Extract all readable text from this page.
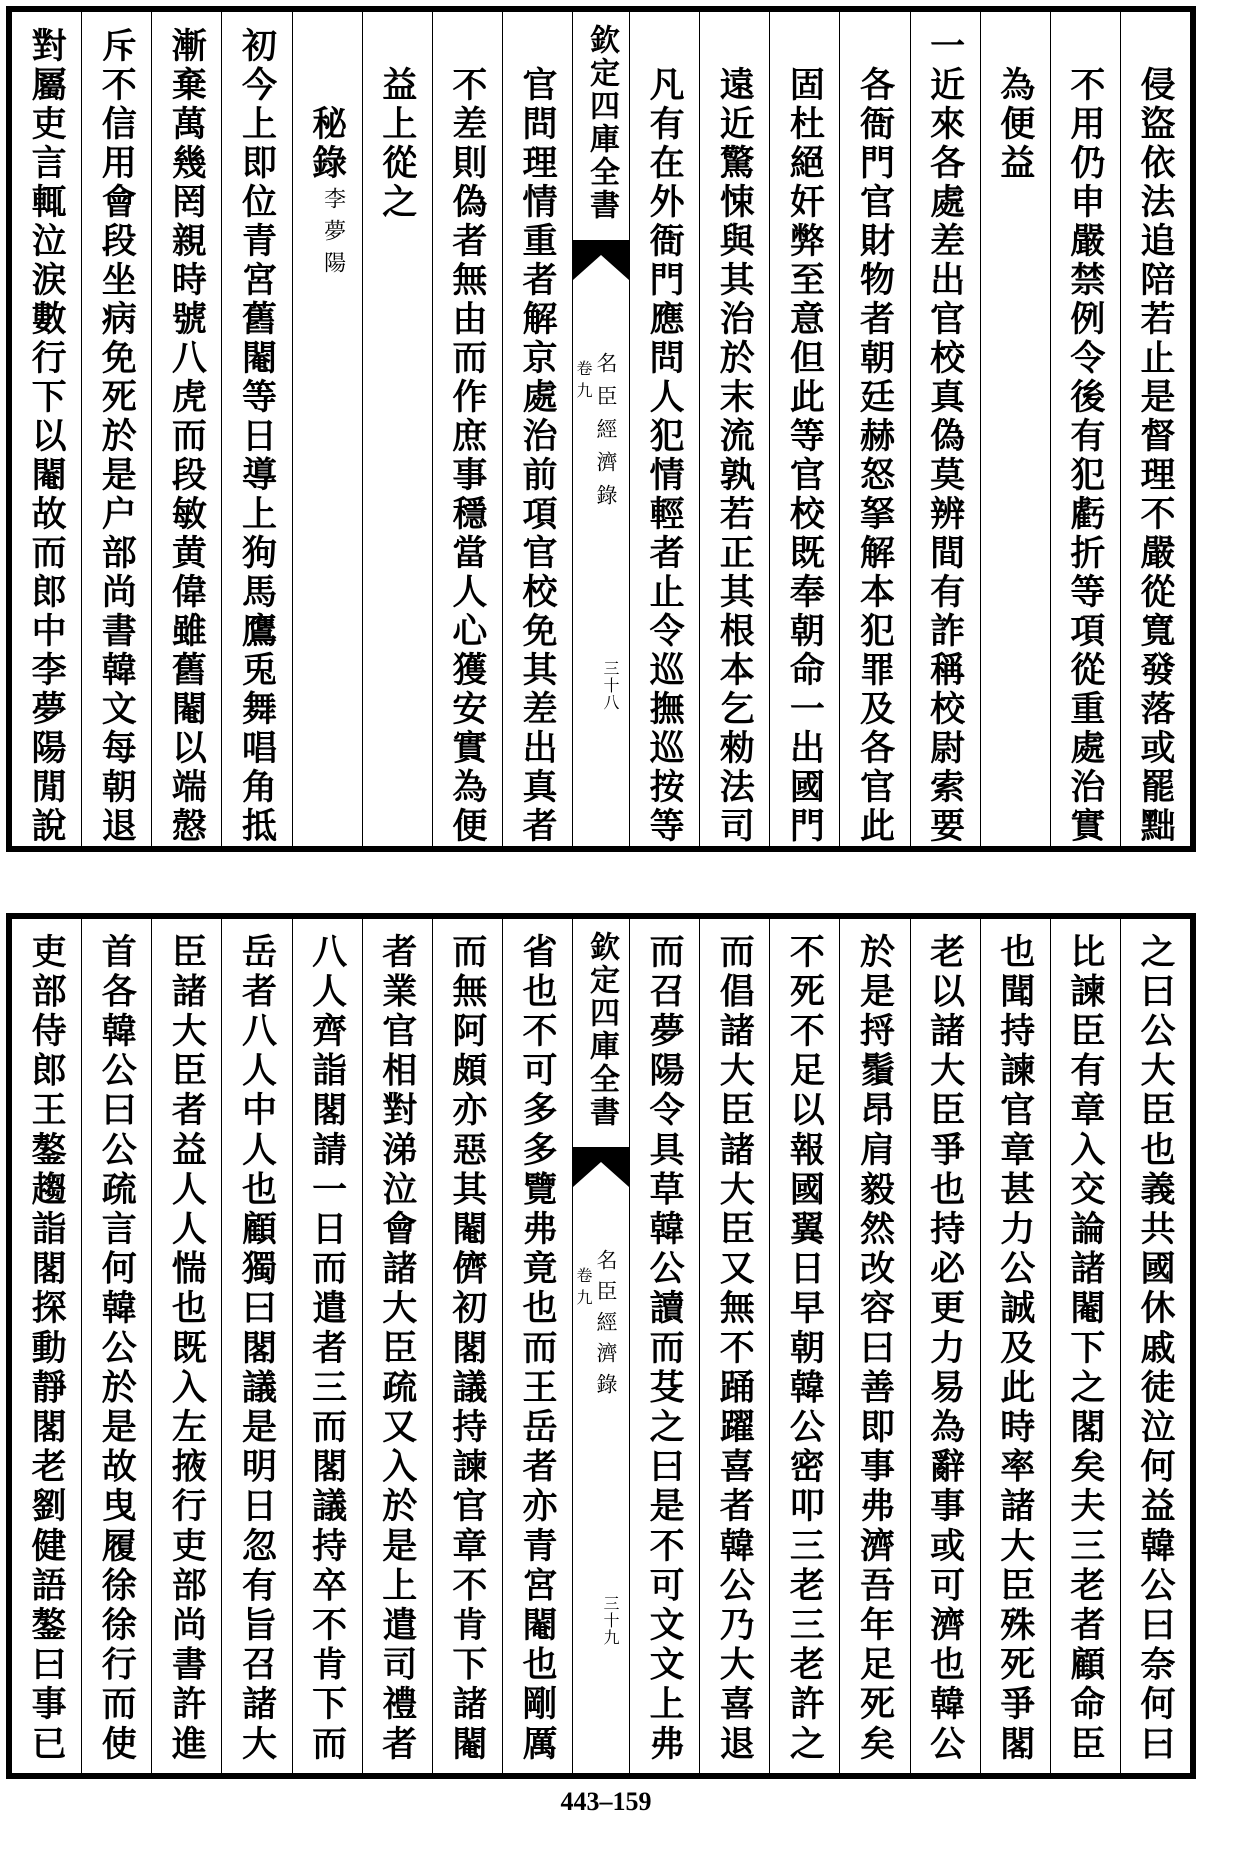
侵盜依法追陪若止是督理不嚴從寬發落或罷黜
不用仍申嚴禁例令後有犯虧折等項從重處治實
為便益
一近來各處差出官校真偽莫辨間有詐稱校尉索要
各衙門官財物者朝廷赫怒拏解本犯罪及各官此
固杜絕奸弊至意但此等官校既奉朝命一出國門
遠近驚悚與其治於末流孰若正其根本乞勑法司
凡有在外衙門應問人犯情輕者止令巡撫巡按等
欽定四庫全書
名臣經濟錄
卷九
三十八
官問理情重者解京處治前項官校免其差出真者
不差則偽者無由而作庶事穩當人心獲安實為便
益上從之
秘錄
李夢陽
初今上即位青宮舊閹等日導上狗馬鷹兎舞唱角抵
漸棄萬幾罔親時號八虎而段敏黄偉雖舊閹以端慤
斥不信用會段坐病免死於是户部尚書韓文每朝退
對屬吏言輒泣涙數行下以閹故而郎中李夢陽閒說
之曰公大臣也義共國休戚徒泣何益韓公曰奈何曰
比諫臣有章入交論諸閹下之閣矣夫三老者顧命臣
也聞持諫官章甚力公誠及此時率諸大臣殊死爭閣
老以諸大臣爭也持必更力易為辭事或可濟也韓公
於是捋鬚昂肩毅然改容曰善即事弗濟吾年足死矣
不死不足以報國翼日早朝韓公密叩三老三老許之
而倡諸大臣諸大臣又無不踊躍喜者韓公乃大喜退
而召夢陽令具草韓公讀而芟之曰是不可文文上弗
欽定四庫全書
名臣經濟錄
卷九
三十九
省也不可多多覽弗竟也而王岳者亦青宮閹也剛厲
而無阿頗亦惡其閹儕初閣議持諫官章不肯下諸閹
者業官相對涕泣會諸大臣疏又入於是上遣司禮者
八人齊詣閣請一日而遣者三而閣議持卒不肯下而
岳者八人中人也顧獨曰閣議是明日忽有旨召諸大
臣諸大臣者益人人惴也既入左掖行吏部尚書許進
首各韓公曰公疏言何韓公於是故曳履徐徐行而使
吏部侍郎王鏊趨詣閣探動靜閣老劉健語鏊曰事已
443–159
